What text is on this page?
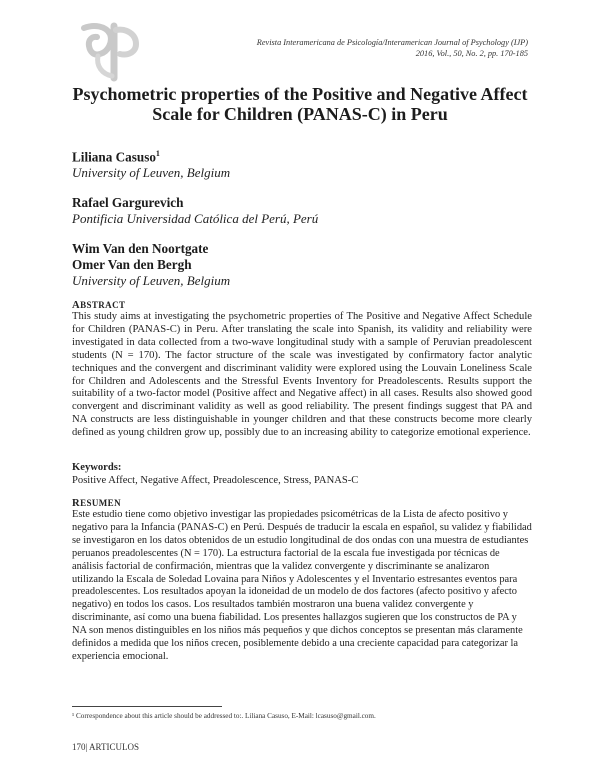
Revista Interamericana de Psicología/Interamerican Journal of Psychology (IJP)
2016, Vol., 50, No. 2, pp. 170-185
Psychometric properties of the Positive and Negative Affect
Scale for Children (PANAS-C) in Peru
Liliana Casuso$^1$
University of Leuven, Belgium
Rafael Gargurevich
Pontificia Universidad Católica del Perú, Perú
Wim Van den Noortgate
Omer Van den Bergh
University of Leuven, Belgium
ABSTRACT
This study aims at investigating the psychometric properties of The Positive and Negative Affect Schedule for Children (PANAS-C) in Peru. After translating the scale into Spanish, its validity and reliability were investigated in data collected from a two-wave longitudinal study with a sample of Peruvian preadolescent students (N = 170). The factor structure of the scale was investigated by confirmatory factor analytic techniques and the convergent and discriminant validity were explored using the Louvain Loneliness Scale for Children and Adolescents and the Stressful Events Inventory for Preadolescents. Results support the suitability of a two-factor model (Positive affect and Negative affect) in all cases. Results also showed good convergent and discriminant validity as well as good reliability. The present findings suggest that PA and NA constructs are less distinguishable in younger children and that these constructs become more clearly defined as young children grow up, possibly due to an increasing ability to categorize emotional experience.
Keywords:
Positive Affect, Negative Affect, Preadolescence, Stress, PANAS-C
RESUMEN
Este estudio tiene como objetivo investigar las propiedades psicométricas de la Lista de afecto positivo y negativo para la Infancia (PANAS-C) en Perú. Después de traducir la escala en español, su validez y fiabilidad se investigaron en los datos obtenidos de un estudio longitudinal de dos ondas con una muestra de estudiantes peruanos preadolescentes (N = 170). La estructura factorial de la escala fue investigada por técnicas de análisis factorial de confirmación, mientras que la validez convergente y discriminante se analizaron utilizando la Escala de Soledad Lovaina para Niños y Adolescentes y el Inventario estresantes eventos para preadolescentes. Los resultados apoyan la idoneidad de un modelo de dos factores (afecto positivo y afecto negativo) en todos los casos. Los resultados también mostraron una buena validez convergente y discriminante, así como una buena fiabilidad. Los presentes hallazgos sugieren que los constructos de PA y NA son menos distinguibles en los niños más pequeños y que dichos conceptos se presentan más claramente definidos a medida que los niños crecen, posiblemente debido a una creciente capacidad para categorizar la experiencia emocional.
¹ Correspondence about this article should be addressed to:. Liliana Casuso, E-Mail: lcasuso@gmail.com.
170| ARTICULOS
